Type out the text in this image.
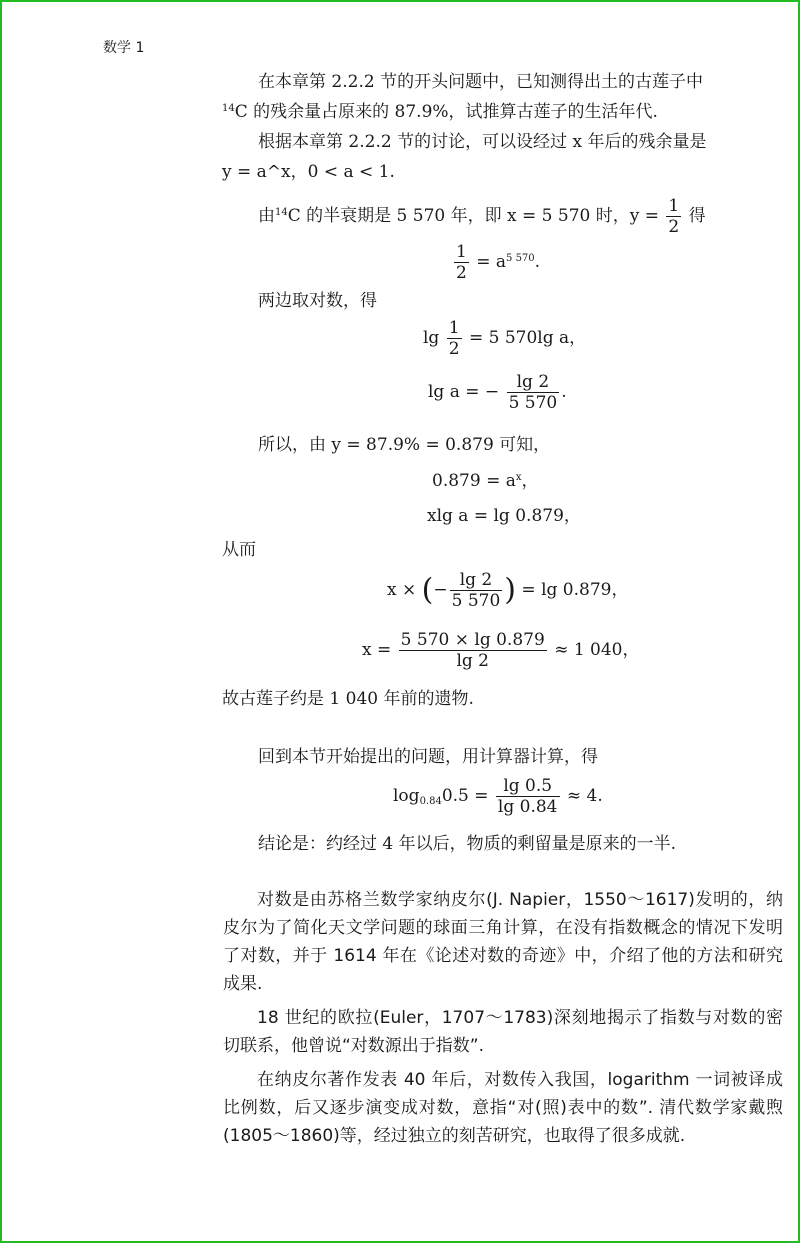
数学 1
在本章第 2.2.2 节的开头问题中，已知测得出土的古莲子中
$^{14}$C 的残余量占原来的 87.9%，试推算古莲子的生活年代.
根据本章第 2.2.2 节的讨论，可以设经过 x 年后的残余量是
y = a^x，0 < a < 1.
由$^{14}$C 的半衰期是 5 570 年，即 x = 5 570 时，$y = \frac{1}{2}$ 得
$\frac{1}{2} = a^{5 570}$.
两边取对数，得
$\lg \frac{1}{2} = 5$ 570lg a，
lg a = − $\frac{\lg 2}{5 570}$ .
所以，由 y = 87.9% = 0.879 可知，
$0.879 = a^x$，
xlg a = lg 0.879，
从而
x × (− $\frac{\lg 2}{5 570}$ ) = lg 0.879，
$x = \frac{5 570 \times \lg 0.879}{\lg 2} \approx 1$ 040，
故古莲子约是 1 040 年前的遗物.
回到本节开始提出的问题，用计算器计算，得
$\log_{0.84}0.5 = \frac{\lg 0.5}{\lg 0.84} \approx 4$.
结论是：约经过 4 年以后，物质的剩留量是原来的一半.

对数是由苏格兰数学家纳皮尔(J. Napier，1550～1617)发明的，纳皮尔为了简化天文学问题的球面三角计算，在没有指数概念的情况下发明了对数，并于 1614 年在《论述对数的奇迹》中，介绍了他的方法和研究成果.

18 世纪的欧拉(Euler，1707～1783)深刻地揭示了指数与对数的密切联系，他曾说“对数源出于指数”.

在纳皮尔著作发表 40 年后，对数传入我国，logarithm 一词被译成比例数，后又逐步演变成对数，意指“对(照)表中的数”. 清代数学家戴煦(1805～1860)等，经过独立的刻苦研究，也取得了很多成就.
